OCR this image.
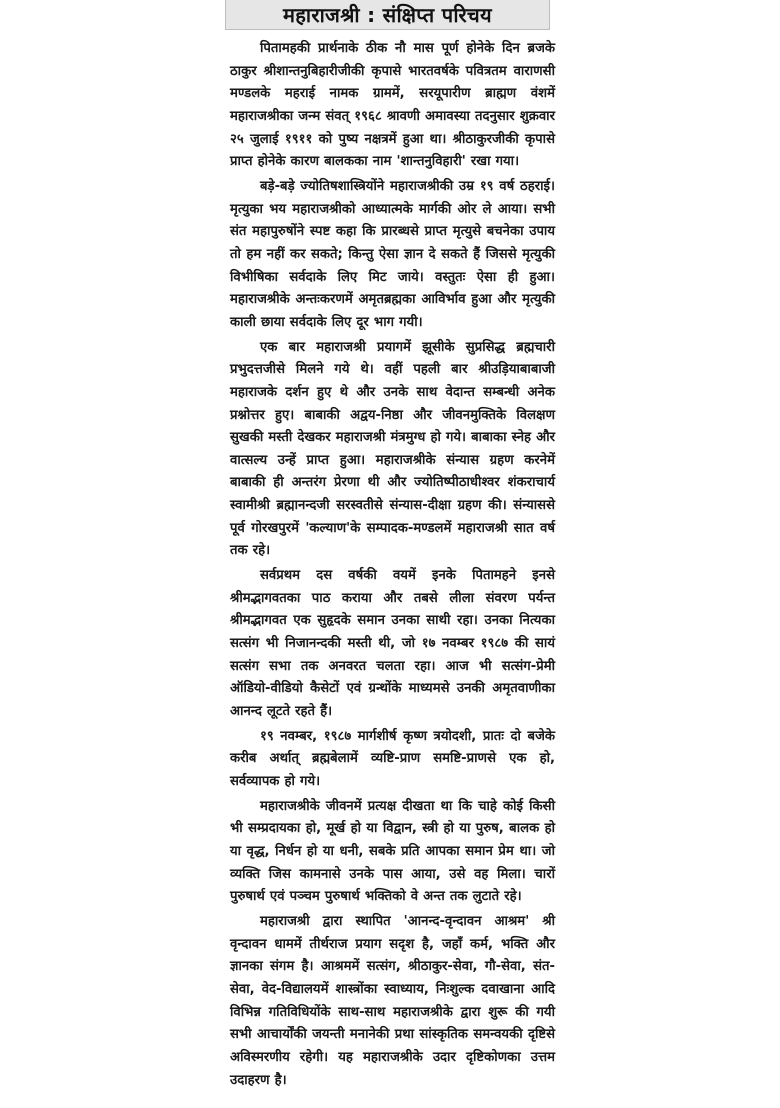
महाराजश्री : संक्षिप्त परिचय

पितामहकी प्रार्थनाके ठीक नौ मास पूर्ण होनेके दिन ब्रजके ठाकुर श्रीशान्तनुबिहारीजीकी कृपासे भारतवर्षके पवित्रतम वाराणसी मण्डलके महराई नामक ग्राममें, सरयूपारीण ब्राह्मण वंशमें महाराजश्रीका जन्म संवत् १९६८ श्रावणी अमावस्या तदनुसार शुक्रवार २५ जुलाई १९११ को पुष्य नक्षत्रमें हुआ था। श्रीठाकुरजीकी कृपासे प्राप्त होनेके कारण बालकका नाम 'शान्तनुविहारी' रखा गया।

बड़े-बड़े ज्योतिषशास्त्रियोंने महाराजश्रीकी उम्र १९ वर्ष ठहराई। मृत्युका भय महाराजश्रीको आध्यात्मके मार्गकी ओर ले आया। सभी संत महापुरुषोंने स्पष्ट कहा कि प्रारब्धसे प्राप्त मृत्युसे बचनेका उपाय तो हम नहीं कर सकते; किन्तु ऐसा ज्ञान दे सकते हैं जिससे मृत्युकी विभीषिका सर्वदाके लिए मिट जाये। वस्तुतः ऐसा ही हुआ। महाराजश्रीके अन्तःकरणमें अमृतब्रह्मका आविर्भाव हुआ और मृत्युकी काली छाया सर्वदाके लिए दूर भाग गयी।

एक बार महाराजश्री प्रयागमें झूसीके सुप्रसिद्ध ब्रह्मचारी प्रभुदत्तजीसे मिलने गये थे। वहीं पहली बार श्रीउड़ियाबाबाजी महाराजके दर्शन हुए थे और उनके साथ वेदान्त सम्बन्धी अनेक प्रश्नोत्तर हुए। बाबाकी अद्वय-निष्ठा और जीवनमुक्तिके विलक्षण सुखकी मस्ती देखकर महाराजश्री मंत्रमुग्ध हो गये। बाबाका स्नेह और वात्सल्य उन्हें प्राप्त हुआ। महाराजश्रीके संन्यास ग्रहण करनेमें बाबाकी ही अन्तरंग प्रेरणा थी और ज्योतिष्पीठाधीश्वर शंकराचार्य स्वामीश्री ब्रह्मानन्दजी सरस्वतीसे संन्यास-दीक्षा ग्रहण की। संन्याससे पूर्व गोरखपुरमें 'कल्याण'के सम्पादक-मण्डलमें महाराजश्री सात वर्ष तक रहे।

सर्वप्रथम दस वर्षकी वयमें इनके पितामहने इनसे श्रीमद्भागवतका पाठ कराया और तबसे लीला संवरण पर्यन्त श्रीमद्भागवत एक सुहृदके समान उनका साथी रहा। उनका नित्यका सत्संग भी निजानन्दकी मस्ती थी, जो १७ नवम्बर १९८७ की सायं सत्संग सभा तक अनवरत चलता रहा। आज भी सत्संग-प्रेमी ऑडियो-वीडियो कैसेटों एवं ग्रन्थोंके माध्यमसे उनकी अमृतवाणीका आनन्द लूटते रहते हैं।

१९ नवम्बर, १९८७ मार्गशीर्ष कृष्ण त्रयोदशी, प्रातः दो बजेके करीब अर्थात् ब्रह्मबेलामें व्यष्टि-प्राण समष्टि-प्राणसे एक हो, सर्वव्यापक हो गये।

महाराजश्रीके जीवनमें प्रत्यक्ष दीखता था कि चाहे कोई किसी भी सम्प्रदायका हो, मूर्ख हो या विद्वान, स्त्री हो या पुरुष, बालक हो या वृद्ध, निर्धन हो या धनी, सबके प्रति आपका समान प्रेम था। जो व्यक्ति जिस कामनासे उनके पास आया, उसे वह मिला। चारों पुरुषार्थ एवं पञ्चम पुरुषार्थ भक्तिको वे अन्त तक लुटाते रहे।

महाराजश्री द्वारा स्थापित 'आनन्द-वृन्दावन आश्रम' श्री वृन्दावन धाममें तीर्थराज प्रयाग सदृश है, जहाँ कर्म, भक्ति और ज्ञानका संगम है। आश्रममें सत्संग, श्रीठाकुर-सेवा, गौ-सेवा, संत-सेवा, वेद-विद्यालयमें शास्त्रोंका स्वाध्याय, निःशुल्क दवाखाना आदि विभिन्न गतिविधियोंके साथ-साथ महाराजश्रीके द्वारा शुरू की गयी सभी आचार्योंकी जयन्ती मनानेकी प्रथा सांस्कृतिक समन्वयकी दृष्टिसे अविस्मरणीय रहेगी। यह महाराजश्रीके उदार दृष्टिकोणका उत्तम उदाहरण है।
